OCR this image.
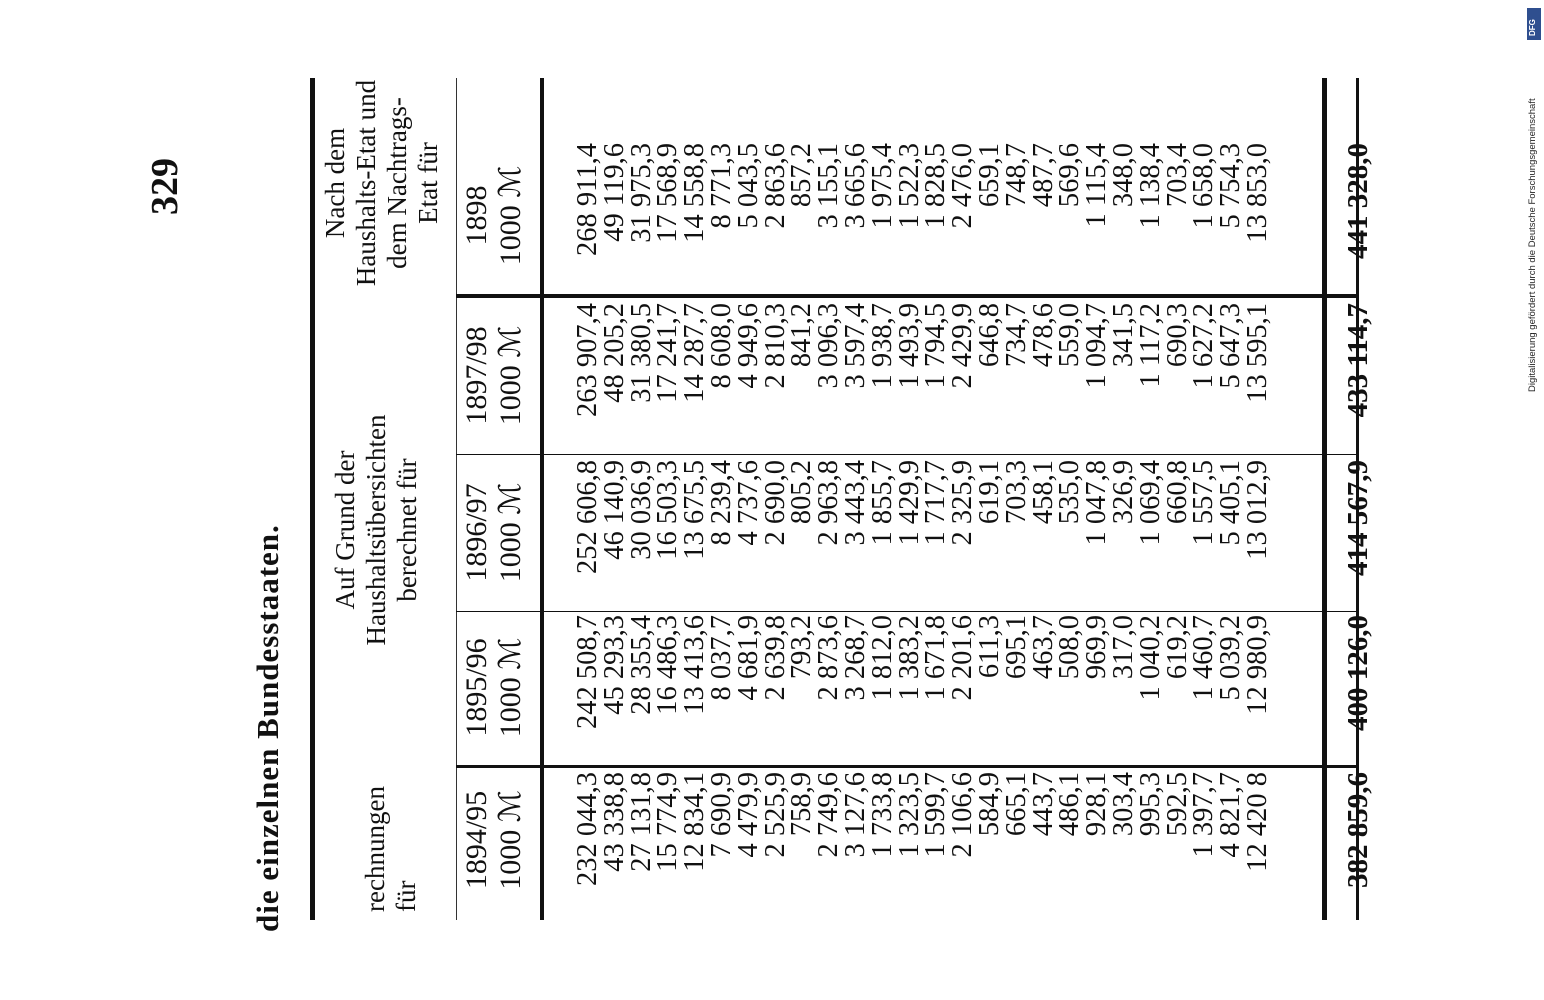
329
die einzelnen Bundesstaaten.	rechnungen für
Auf Grund der Haushaltsübersichten berechnet für
Nach dem Haushalts-Etat und dem Nachtrags-Etat für
1894/95 1000 ℳ
1895/96 1000 ℳ
1896/97 1000 ℳ
1897/98 1000 ℳ
1898 1000 ℳ
232 044,3
43 338,8
27 131,8
15 774,9
12 834,1
7 690,9
4 479,9
2 525,9
758,9
2 749,6
3 127,6
1 733,8
1 323,5
1 599,7
2 106,6
584,9
665,1
443,7
486,1
928,1
303,4
995,3
592,5
1 397,7
4 821,7
12 420 8
242 508,7
45 293,3
28 355,4
16 486,3
13 413,6
8 037,7
4 681,9
2 639,8
793,2
2 873,6
3 268,7
1 812,0
1 383,2
1 671,8
2 201,6
611,3
695,1
463,7
508,0
969,9
317,0
1 040,2
619,2
1 460,7
5 039,2
12 980,9
252 606,8
46 140,9
30 036,9
16 503,3
13 675,5
8 239,4
4 737,6
2 690,0
805,2
2 963,8
3 443,4
1 855,7
1 429,9
1 717,7
2 325,9
619,1
703,3
458,1
535,0
1 047,8
326,9
1 069,4
660,8
1 557,5
5 405,1
13 012,9
263 907,4
48 205,2
31 380,5
17 241,7
14 287,7
8 608,0
4 949,6
2 810,3
841,2
3 096,3
3 597,4
1 938,7
1 493,9
1 794,5
2 429,9
646,8
734,7
478,6
559,0
1 094,7
341,5
1 117,2
690,3
1 627,2
5 647,3
13 595,1
268 911,4
49 119,6
31 975,3
17 568,9
14 558,8
8 771,3
5 043,5
2 863,6
857,2
3 155,1
3 665,6
1 975,4
1 522,3
1 828,5
2 476,0
659,1
748,7
487,7
569,6
1 115,4
348,0
1 138,4
703,4
1 658,0
5 754,3
13 853,0
382 859,6
400 126,0
414 567,9
433 114,7
441 328,0
DFG
Digitalisierung gefördert durch die Deutsche Forschungsgemeinschaft
